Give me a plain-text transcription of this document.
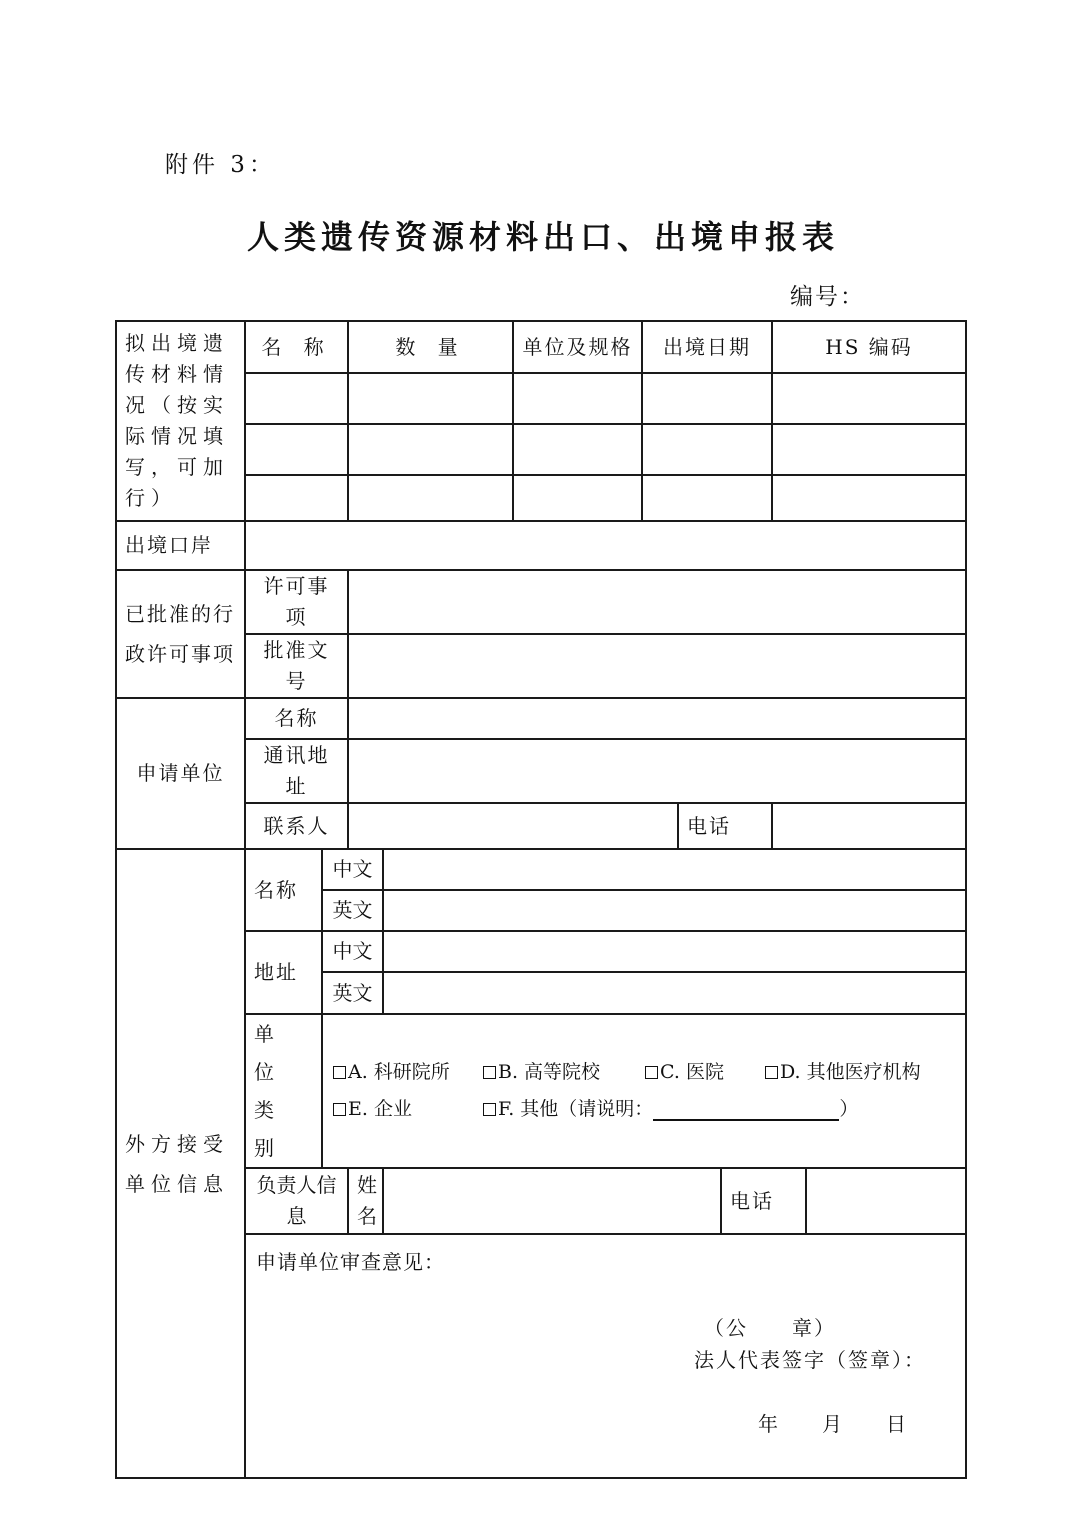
附件 3：
人类遗传资源材料出口、出境申报表
编号：
拟出境遗传材料情况（按实际情况填写，可加行）	名 称		数 量		单位及规格	出境日期			HS 编码	

出境口岸										
已批准的行政许可事项	许可事项									
	批准文号									
申请单位	名称									
	通讯地址									
	联系人						电话			
外方接受单位信息	名称	中文								
		英文								
	地址	中文								
		英文								
	单位类别	A. 科研院所 B. 高等院校 C. 医院 D. 其他医疗机构
E. 企业 F. 其他（请说明： ）								

	负责人信息		姓名					电话		

	申请单位审查意见：
（公　　章）
法人代表签字（签章）：
年 月 日									
